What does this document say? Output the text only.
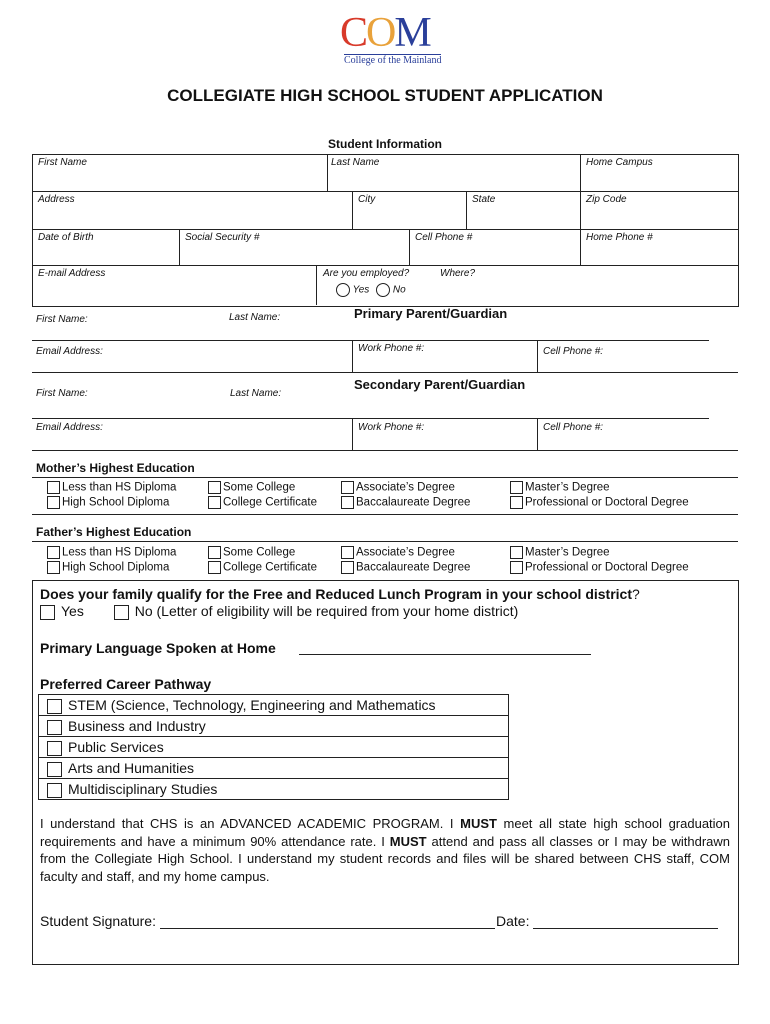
COM
College of the Mainland
COLLEGIATE HIGH SCHOOL STUDENT APPLICATION
Student Information
First Name	Last Name	Home Campus
Address	City	State	Zip Code
Date of Birth	Social Security #	Cell Phone #	Home Phone #
E-mail Address	Are you employed?	Where?
Yes No
First Name:	Last Name:	Primary Parent/Guardian
Email Address:	Work Phone #:	Cell Phone #:
First Name:	Last Name:
Secondary Parent/Guardian
Email Address:	Work Phone #:	Cell Phone #:
Mother’s Highest Education
Less than HS Diploma
High School Diploma
Some College
College Certificate
Associate’s Degree
Baccalaureate Degree
Master’s Degree
Professional or Doctoral Degree
Father’s Highest Education
Less than HS Diploma
High School Diploma
Some College
College Certificate
Associate’s Degree
Baccalaureate Degree
Master’s Degree
Professional or Doctoral Degree
Does your family qualify for the Free and Reduced Lunch Program in your school district?
Yes	No (Letter of eligibility will be required from your home district)
Primary Language Spoken at Home
Preferred Career Pathway
STEM (Science, Technology, Engineering and Mathematics
Business and Industry
Public Services
Arts and Humanities
Multidisciplinary Studies
I understand that CHS is an ADVANCED ACADEMIC PROGRAM. I MUST meet all state high school graduation requirements and have a minimum 90% attendance rate. I MUST attend and pass all classes or I may be withdrawn from the Collegiate High School. I understand my student records and files will be shared between CHS staff, COM faculty and staff, and my home campus.
Student Signature:	Date:
